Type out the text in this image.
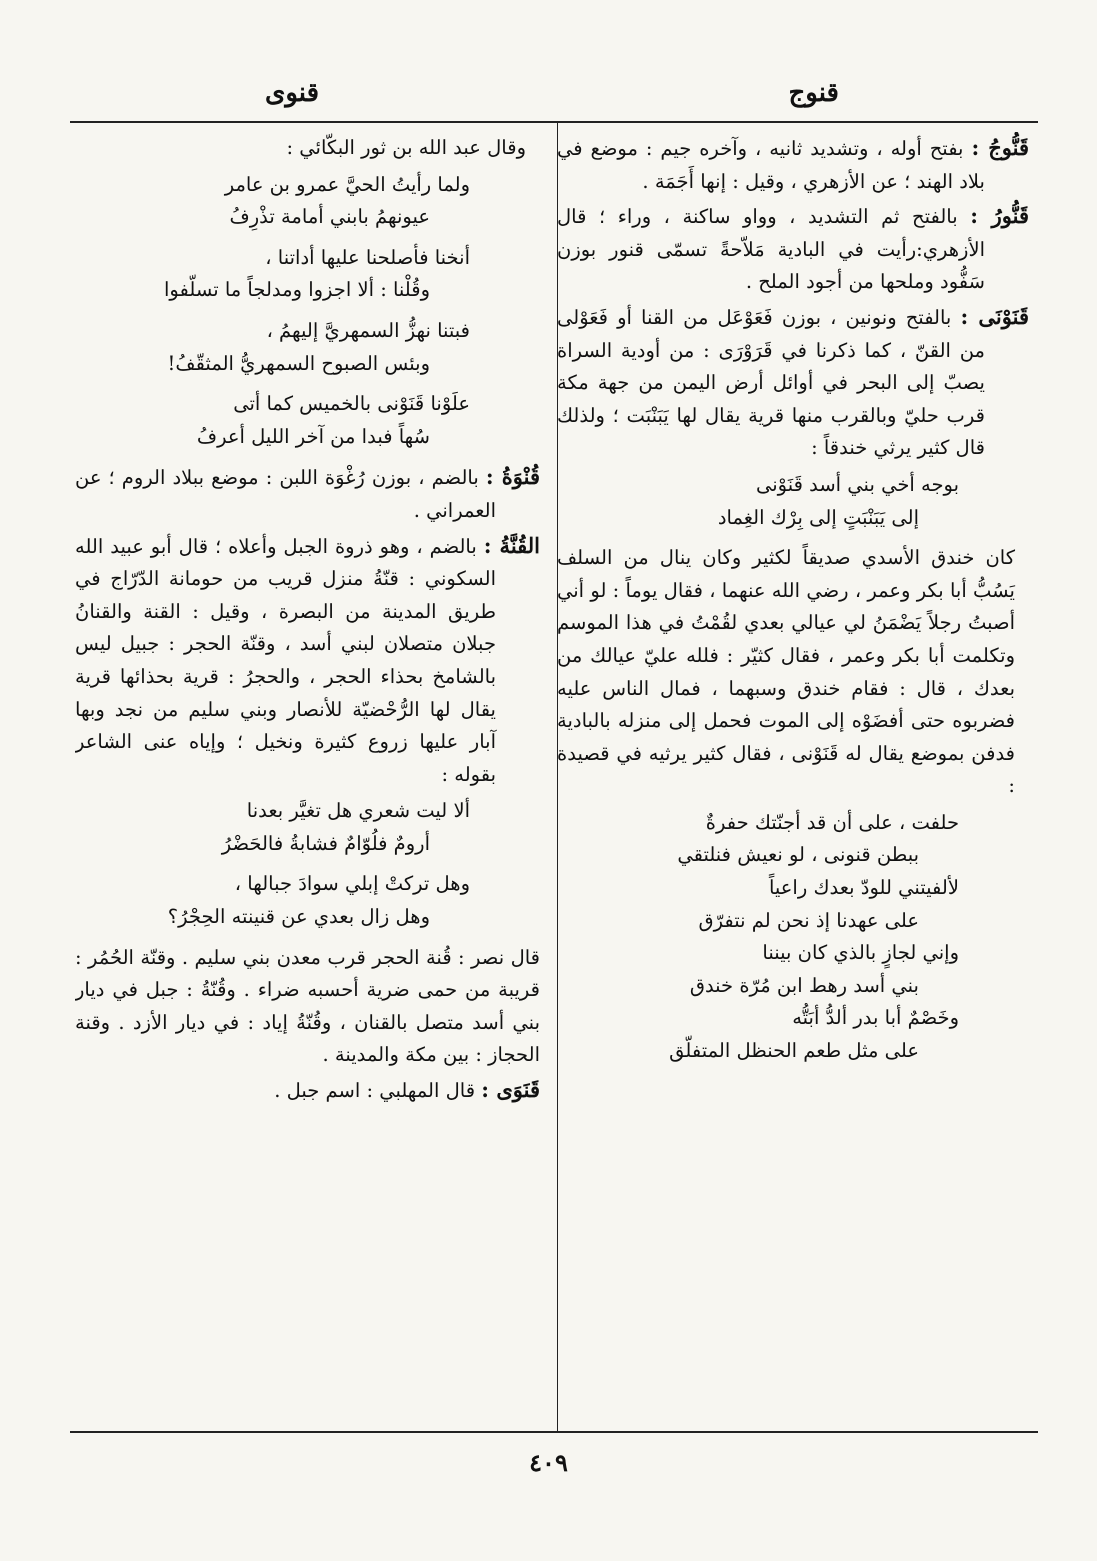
قنوج
قنوى

قَنُّوجُ : بفتح أوله ، وتشديد ثانيه ، وآخره جيم : موضع في بلاد الهند ؛ عن الأزهري ، وقيل : إنها أَجَمَة .

قَنُّورُ : بالفتح ثم التشديد ، وواو ساكنة ، وراء ؛ قال الأزهري:رأيت في البادية مَلاّحةً تسمّى قنور بوزن سَفُّود وملحها من أجود الملح .

قَنَوْنَى : بالفتح ونونين ، بوزن فَعَوْعَل من القنا أو فَعَوْلى من القنّ ، كما ذكرنا في قَرَوْرَى : من أودية السراة يصبّ إلى البحر في أوائل أرض اليمن من جهة مكة قرب حليّ وبالقرب منها قرية يقال لها يَبَنْبَت ؛ ولذلك قال كثير يرثي خندقاً :

بوجه أخي بني أسد قَنَوْنى
إلى يَبَنْبَتٍ إلى بِرْك الغِماد

كان خندق الأسدي صديقاً لكثير وكان ينال من السلف يَسُبُّ أبا بكر وعمر ، رضي الله عنهما ، فقال يوماً : لو أني أصبتُ رجلاً يَضْمَنُ لي عيالي بعدي لقُمْتُ في هذا الموسم وتكلمت أبا بكر وعمر ، فقال كثيّر : فلله عليّ عيالك من بعدك ، قال : فقام خندق وسبهما ، فمال الناس عليه فضربوه حتى أفضَوْه إلى الموت فحمل إلى منزله بالبادية فدفن بموضع يقال له قَنَوْنى ، فقال كثير يرثيه في قصيدة :

حلفت ، على أن قد أجنّتك حفرةٌ
ببطن قنونى ، لو نعيش فنلتقي
لألفيتني للودّ بعدك راعياً
على عهدنا إذ نحن لم نتفرّق
وإني لجازٍ بالذي كان بيننا
بني أسد رهط ابن مُرّة خندق
وخَصْمٌ أبا بدر ألدُّ أبَتُّه
على مثل طعم الحنظل المتفلّق

وقال عبد الله بن ثور البكّائي :

ولما رأيتُ الحيَّ عمرو بن عامر
عيونهمُ بابني أمامة تذْرِفُ
أنخنا فأصلحنا عليها أداتنا ،
وقُلْنا : ألا اجزوا ومدلجاً ما تسلّفوا
فبتنا نهزُّ السمهريَّ إليهمُ ،
وبئس الصبوح السمهريُّ المثقّفُ!
علَوْنا قَنَوْنى بالخميس كما أتى
سُهاً فبدا من آخر الليل أعرفُ

قُنْوَةُ : بالضم ، بوزن رُغْوَة اللبن : موضع ببلاد الروم ؛ عن العمراني .

القُنَّةُ : بالضم ، وهو ذروة الجبل وأعلاه ؛ قال أبو عبيد الله السكوني : قنّةُ منزل قريب من حومانة الدّرّاج في طريق المدينة من البصرة ، وقيل : القنة والقنانُ جبلان متصلان لبني أسد ، وقنّة الحجر : جبيل ليس بالشامخ بحذاء الحجر ، والحجرُ : قرية بحذائها قرية يقال لها الرُّحْضيّة للأنصار وبني سليم من نجد وبها آبار عليها زروع كثيرة ونخيل ؛ وإياه عنى الشاعر بقوله :

ألا ليت شعري هل تغيَّر بعدنا
أرومٌ فلُوّامٌ فشابةُ فالحَضْرُ
وهل تركتْ إبلي سوادَ جبالها ،
وهل زال بعدي عن قنينته الحِجْرُ؟

قال نصر : قُنة الحجر قرب معدن بني سليم . وقنّة الحُمُر : قريبة من حمى ضرية أحسبه ضراء . وقُنّةُ : جبل في ديار بني أسد متصل بالقنان ، وقُنّةُ إياد : في ديار الأزد . وقنة الحجاز : بين مكة والمدينة .

قَنَوَى : قال المهلبي : اسم جبل .

٤٠٩
